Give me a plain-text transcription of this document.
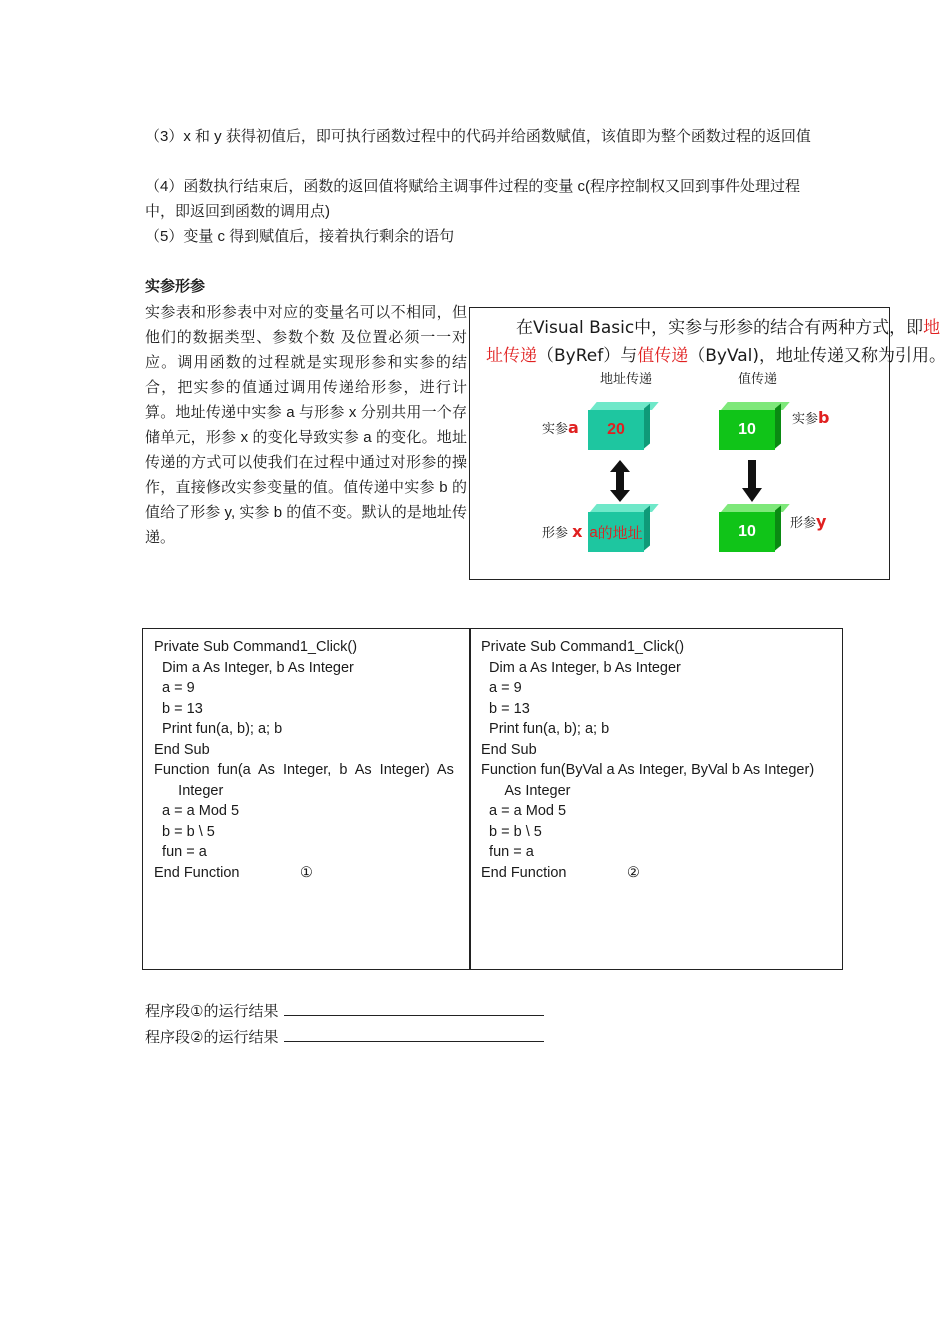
（3）x 和 y 获得初值后，即可执行函数过程中的代码并给函数赋值，该值即为整个函数过程的返回值
（4）函数执行结束后，函数的返回值将赋给主调事件过程的变量 c(程序控制权又回到事件处理过程中，即返回到函数的调用点)
（5）变量 c 得到赋值后，接着执行剩余的语句
实参形参
实参表和形参表中对应的变量名可以不相同，但他们的数据类型、参数个数 及位置必须一一对应。调用函数的过程就是实现形参和实参的结合，把实参的值通过调用传递给形参，进行计算。地址传递中实参 a 与形参 x 分别共用一个存储单元，形参 x 的变化导致实参 a 的变化。地址传递的方式可以使我们在过程中通过对形参的操作，直接修改实参变量的值。值传递中实参 b 的值给了形参 y, 实参 b 的值不变。默认的是地址传递。
在Visual Basic中，实参与形参的结合有两种方式，即地
址传递（ByRef）与值传递（ByVal)，地址传递又称为引用。
地址传递	值传递
实参a	20
形参 x a 的地址
10
实参b
10	形参y
Private Sub Command1_Click()
Dim a As Integer, b As Integer
a = 9
b = 13
Print fun(a, b); a; b
End Sub
Function  fun(a  As  Integer,  b  As  Integer)  As
Integer
a = a Mod 5
b = b \ 5
fun = a
End Function               ①
Private Sub Command1_Click()
Dim a As Integer, b As Integer
a = 9
b = 13
Print fun(a, b); a; b
End Sub
Function fun(ByVal a As Integer, ByVal b As Integer)
As Integer
a = a Mod 5
b = b \ 5
fun = a
End Function               ②
程序段①的运行结果
程序段②的运行结果
